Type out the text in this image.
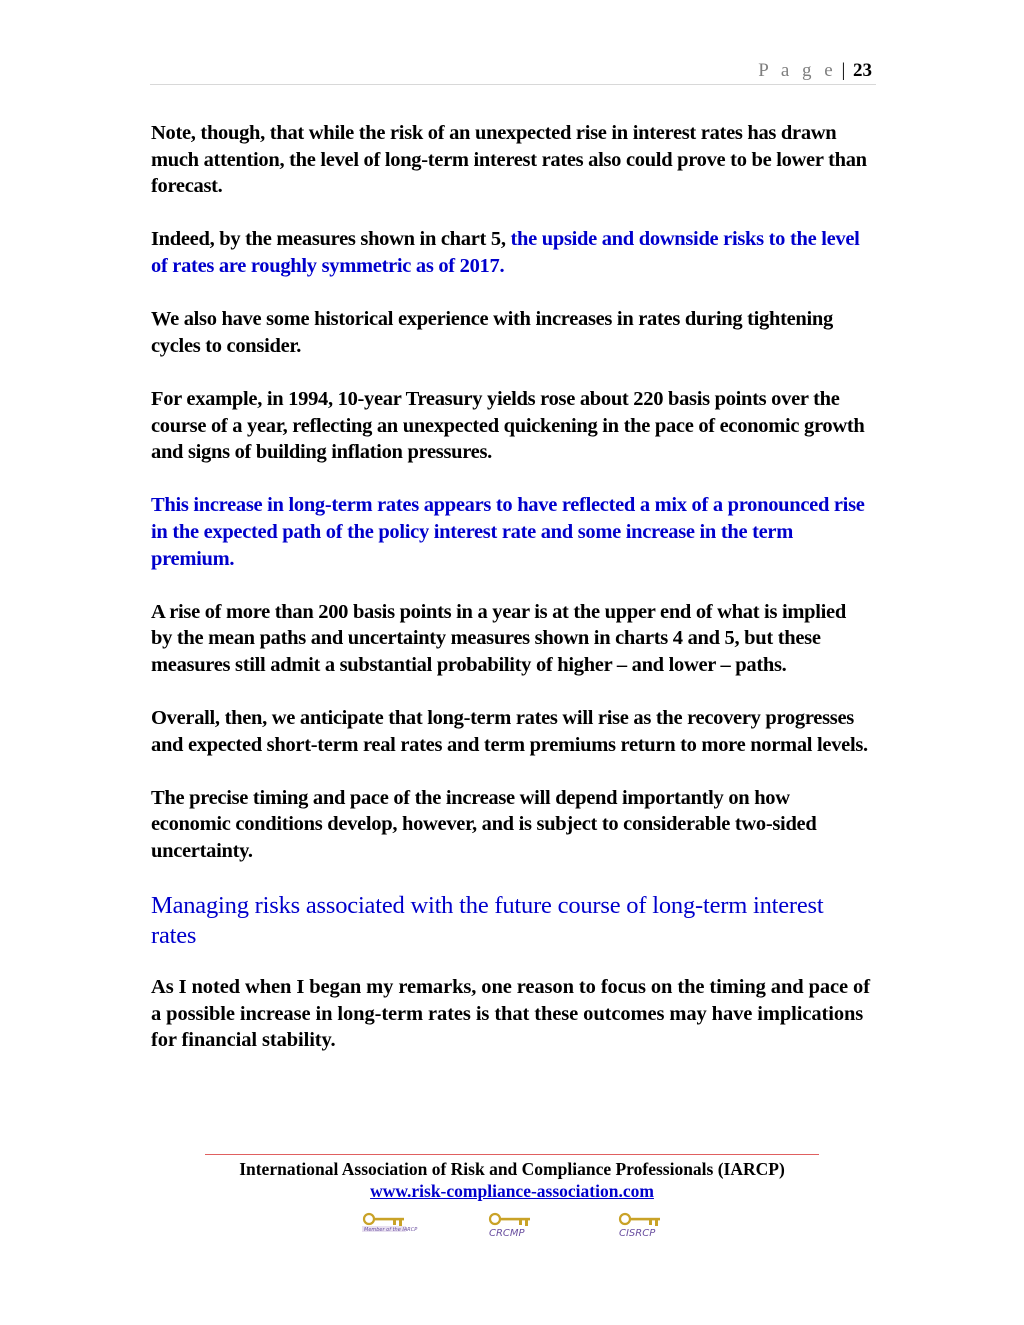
P a g e | 23

Note, though, that while the risk of an unexpected rise in interest rates has drawn much attention, the level of long-term interest rates also could prove to be lower than forecast.

Indeed, by the measures shown in chart 5, the upside and downside risks to the level of rates are roughly symmetric as of 2017.

We also have some historical experience with increases in rates during tightening cycles to consider.

For example, in 1994, 10-year Treasury yields rose about 220 basis points over the course of a year, reflecting an unexpected quickening in the pace of economic growth and signs of building inflation pressures.

This increase in long-term rates appears to have reflected a mix of a pronounced rise in the expected path of the policy interest rate and some increase in the term premium.

A rise of more than 200 basis points in a year is at the upper end of what is implied by the mean paths and uncertainty measures shown in charts 4 and 5, but these measures still admit a substantial probability of higher – and lower – paths.

Overall, then, we anticipate that long-term rates will rise as the recovery progresses and expected short-term real rates and term premiums return to more normal levels.

The precise timing and pace of the increase will depend importantly on how economic conditions develop, however, and is subject to considerable two-sided uncertainty.

Managing risks associated with the future course of long-term interest rates

As I noted when I began my remarks, one reason to focus on the timing and pace of a possible increase in long-term rates is that these outcomes may have implications for financial stability.

International Association of Risk and Compliance Professionals (IARCP)
www.risk-compliance-association.com
Member of the IARCP	CRCMP	CISRCP
